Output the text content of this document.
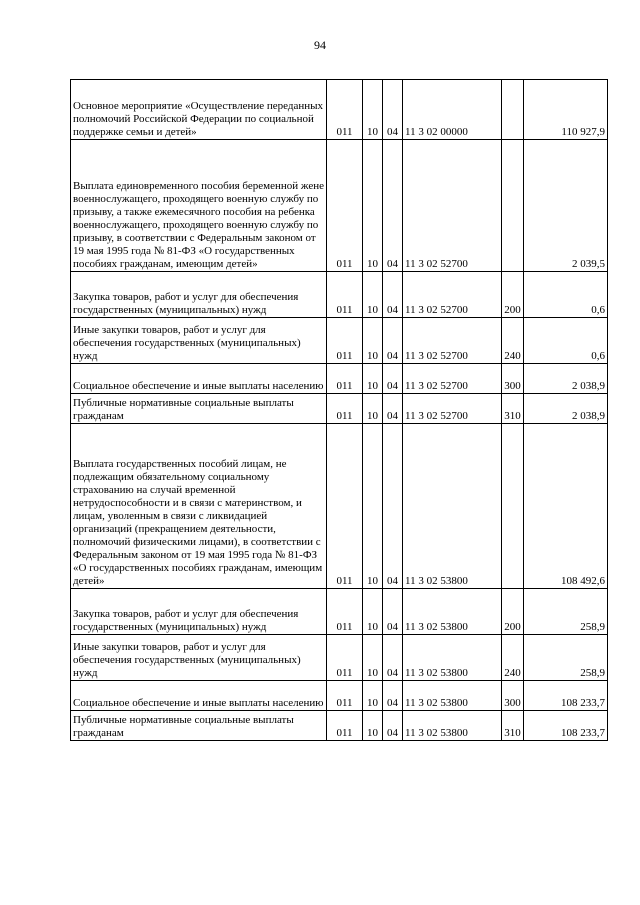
94
Основное мероприятие «Осуществление переданных полномочий Российской Федерации по социальной поддержке семьи и детей»	011	10	04	11 3 02 00000		110 927,9
Выплата единовременного пособия беременной жене военнослужащего, проходящего военную службу по призыву, а также ежемесячного пособия на ребенка военнослужащего, проходящего военную службу по призыву, в соответствии с Федеральным законом от 19 мая 1995 года № 81-ФЗ «О государственных пособиях гражданам, имеющим детей»	011	10	04	11 3 02 52700		2 039,5
Закупка товаров, работ и услуг для обеспечения государственных (муниципальных) нужд	011	10	04	11 3 02 52700	200	0,6
Иные закупки товаров, работ и услуг для обеспечения государственных (муниципальных) нужд	011	10	04	11 3 02 52700	240	0,6
Социальное обеспечение и иные выплаты населению	011	10	04	11 3 02 52700	300	2 038,9
Публичные нормативные социальные выплаты гражданам	011	10	04	11 3 02 52700	310	2 038,9
Выплата государственных пособий лицам, не подлежащим обязательному социальному страхованию на случай временной нетрудоспособности и в связи с материнством, и лицам, уволенным в связи с ликвидацией организаций (прекращением деятельности, полномочий физическими лицами), в соответствии с Федеральным законом от 19 мая 1995 года № 81-ФЗ «О государственных пособиях гражданам, имеющим детей»	011	10	04	11 3 02 53800		108 492,6
Закупка товаров, работ и услуг для обеспечения государственных (муниципальных) нужд	011	10	04	11 3 02 53800	200	258,9
Иные закупки товаров, работ и услуг для обеспечения государственных (муниципальных) нужд	011	10	04	11 3 02 53800	240	258,9
Социальное обеспечение и иные выплаты населению	011	10	04	11 3 02 53800	300	108 233,7
Публичные нормативные социальные выплаты гражданам	011	10	04	11 3 02 53800	310	108 233,7
